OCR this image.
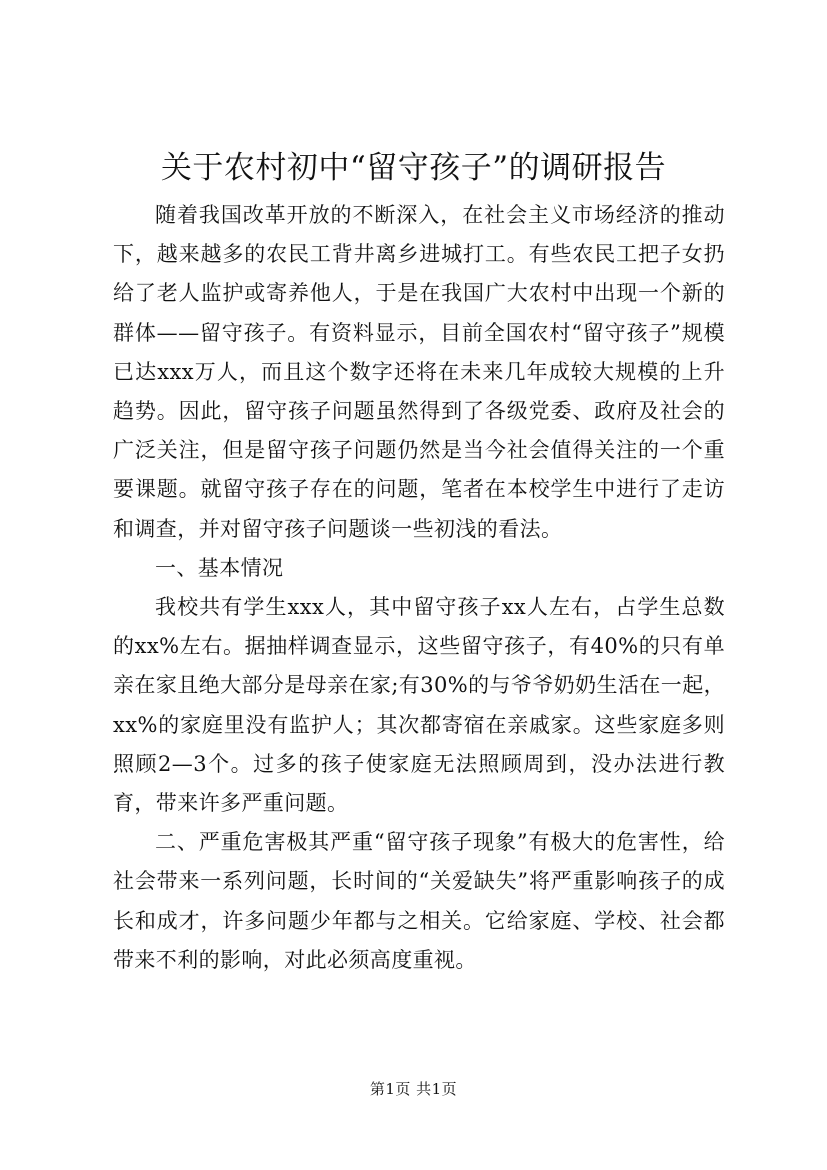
关于农村初中“留守孩子”的调研报告

随着我国改革开放的不断深入，在社会主义市场经济的推动下，越来越多的农民工背井离乡进城打工。有些农民工把子女扔给了老人监护或寄养他人，于是在我国广大农村中出现一个新的群体——留守孩子。有资料显示，目前全国农村“留守孩子”规模已达xxx万人，而且这个数字还将在未来几年成较大规模的上升趋势。因此，留守孩子问题虽然得到了各级党委、政府及社会的广泛关注，但是留守孩子问题仍然是当今社会值得关注的一个重要课题。就留守孩子存在的问题，笔者在本校学生中进行了走访和调查，并对留守孩子问题谈一些初浅的看法。

一、基本情况

我校共有学生xxx人，其中留守孩子xx人左右，占学生总数的xx%左右。据抽样调查显示，这些留守孩子，有40%的只有单亲在家且绝大部分是母亲在家;有30%的与爷爷奶奶生活在一起，xx%的家庭里没有监护人；其次都寄宿在亲戚家。这些家庭多则照顾2—3个。过多的孩子使家庭无法照顾周到，没办法进行教育，带来许多严重问题。

二、严重危害极其严重“留守孩子现象”有极大的危害性，给社会带来一系列问题，长时间的“关爱缺失”将严重影响孩子的成长和成才，许多问题少年都与之相关。它给家庭、学校、社会都带来不利的影响，对此必须高度重视。

第1页 共1页
